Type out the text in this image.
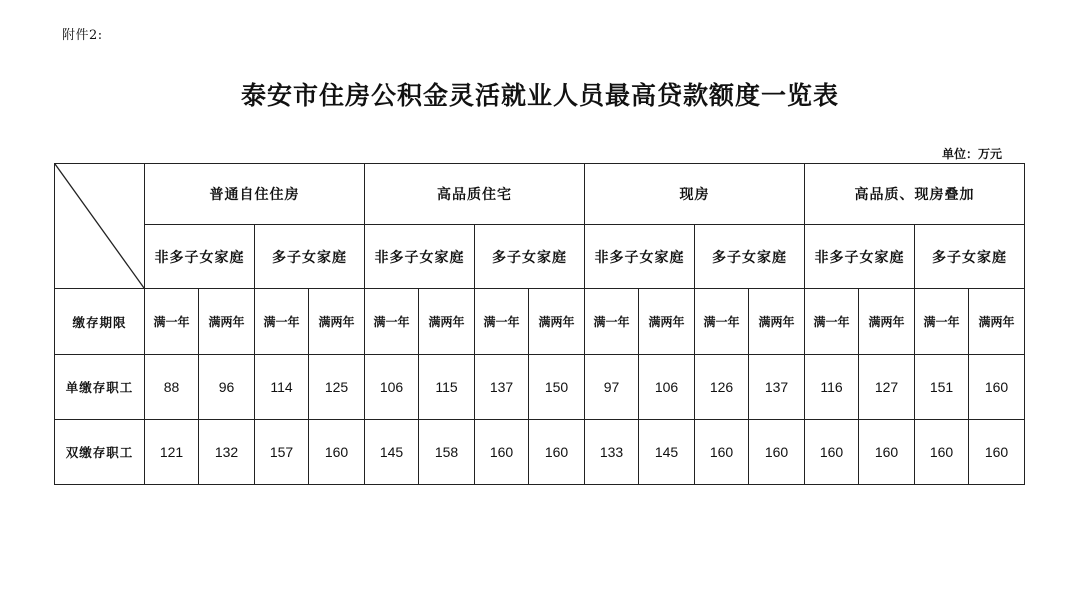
附件2:
泰安市住房公积金灵活就业人员最高贷款额度一览表
单位：万元
	普通自住住房				高品质住宅				现房				高品质、现房叠加			
	非多子女家庭		多子女家庭		非多子女家庭		多子女家庭		非多子女家庭		多子女家庭		非多子女家庭		多子女家庭	
缴存期限	满一年	满两年	满一年	满两年	满一年	满两年	满一年	满两年	满一年	满两年	满一年	满两年	满一年	满两年	满一年	满两年
单缴存职工	88	96	114	125	106	115	137	150	97	106	126	137	116	127	151	160
双缴存职工	121	132	157	160	145	158	160	160	133	145	160	160	160	160	160	160
